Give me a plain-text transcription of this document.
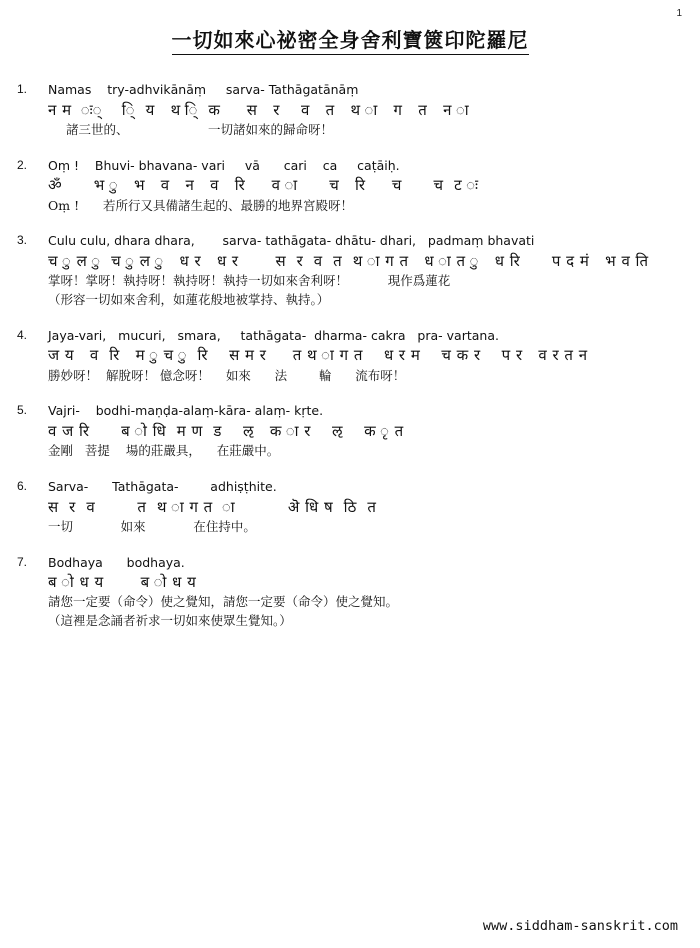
1
一切如來心祕密全身舍利寶篋印陀羅尼
1. Namas    try-adhvikānāṃ     sarva- Tathāgatānāṃ
न म  ः्    ि्  य   थ ि्  क     स   र    व   त   थ ा   ग   त   न ा
諸三世的、                    一切諸如來的歸命呀！
2. Oṃ !    Bhuvi- bhavana- vari     vā      cari    ca     caṭāiḥ.
ॐ      भ ु   भ   व   न   व   रि     व ा      च   रि     च      च  ट ः
Oṃ !      若所行又具備諸生起的、最勝的地界宮殿呀！
3. Culu culu, dhara dhara,       sarva- tathāgata- dhātu- dhari,   padmaṃ bhavati
च ु ल ु  च ु ल ु   ध र   ध र       स  र  व  त  थ ा ग त   ध ा त ु   ध रि      प द मं   भ व ति
掌呀！掌呀！執持呀！執持呀！執持一切如來舍利呀！          現作爲蓮花
（形容一切如來舍利，如蓮花般地被掌持、執持。）
4. Jaya-vari,   mucuri,   smara,     tathāgata-  dharma- cakra   pra- vartana.
ज य   व  रि   म ु च ु  रि    स म र     त थ ा ग त    ध र म    च क र    प र   व र त न
勝妙呀！  解脫呀！ 億念呀！    如來      法        輪      流布呀！
5. Vajri-    bodhi-maṇḍa-alaṃ-kāra- alaṃ- kṛte.
व ज रि      ब ो धि  म ण  ड    ऌ   क ा र    ऌ    क ृ त
金剛   菩提    場的莊嚴具，    在莊嚴中。
6. Sarva-      Tathāgata-        adhiṣṭhite.
स  र  व        त  थ ा ग त  ा          ऄ धि ष  ठि  त
一切            如來            在住持中。
7. Bodhaya      bodhaya.
ब ो ध य       ब ो ध य
請您一定要（命令）使之覺知，請您一定要（命令）使之覺知。
（這裡是念誦者祈求一切如來使眾生覺知。）
www.siddham-sanskrit.com
